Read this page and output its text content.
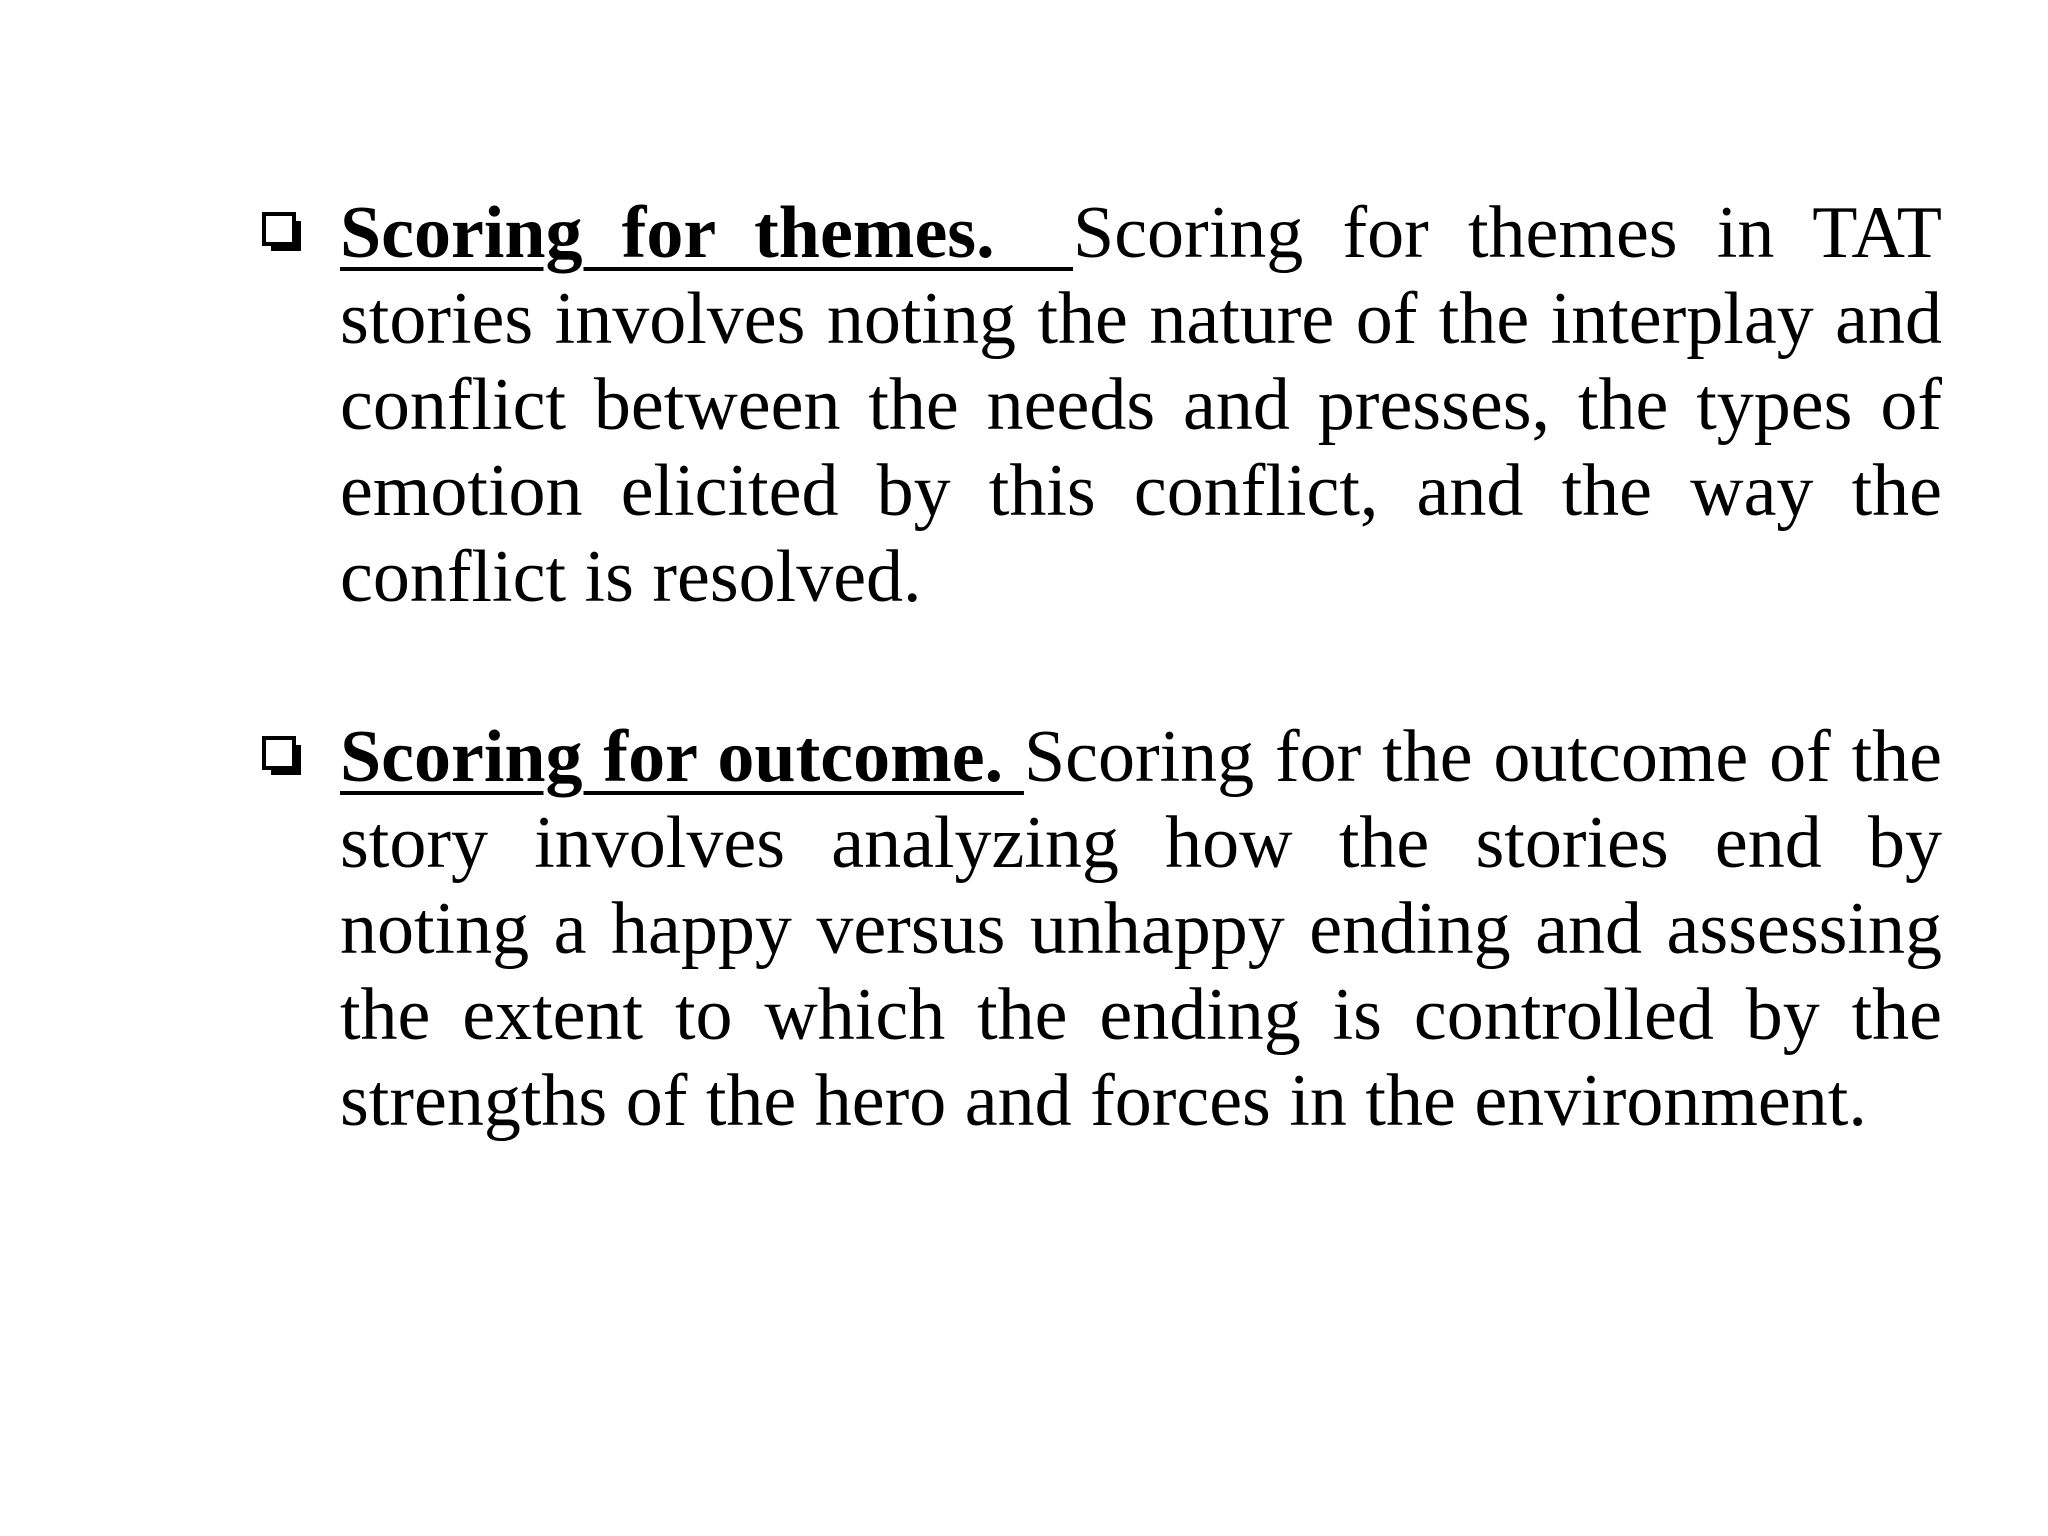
Scoring for themes.  Scoring for themes in TAT stories involves noting the nature of the interplay and conflict between the needs and presses, the types of emotion elicited by this conflict, and the way the conflict is resolved.
Scoring for outcome. Scoring for the outcome of the story involves analyzing how the stories end by noting a happy versus unhappy ending and assessing the extent to which the ending is controlled by the strengths of the hero and forces in the environment.
